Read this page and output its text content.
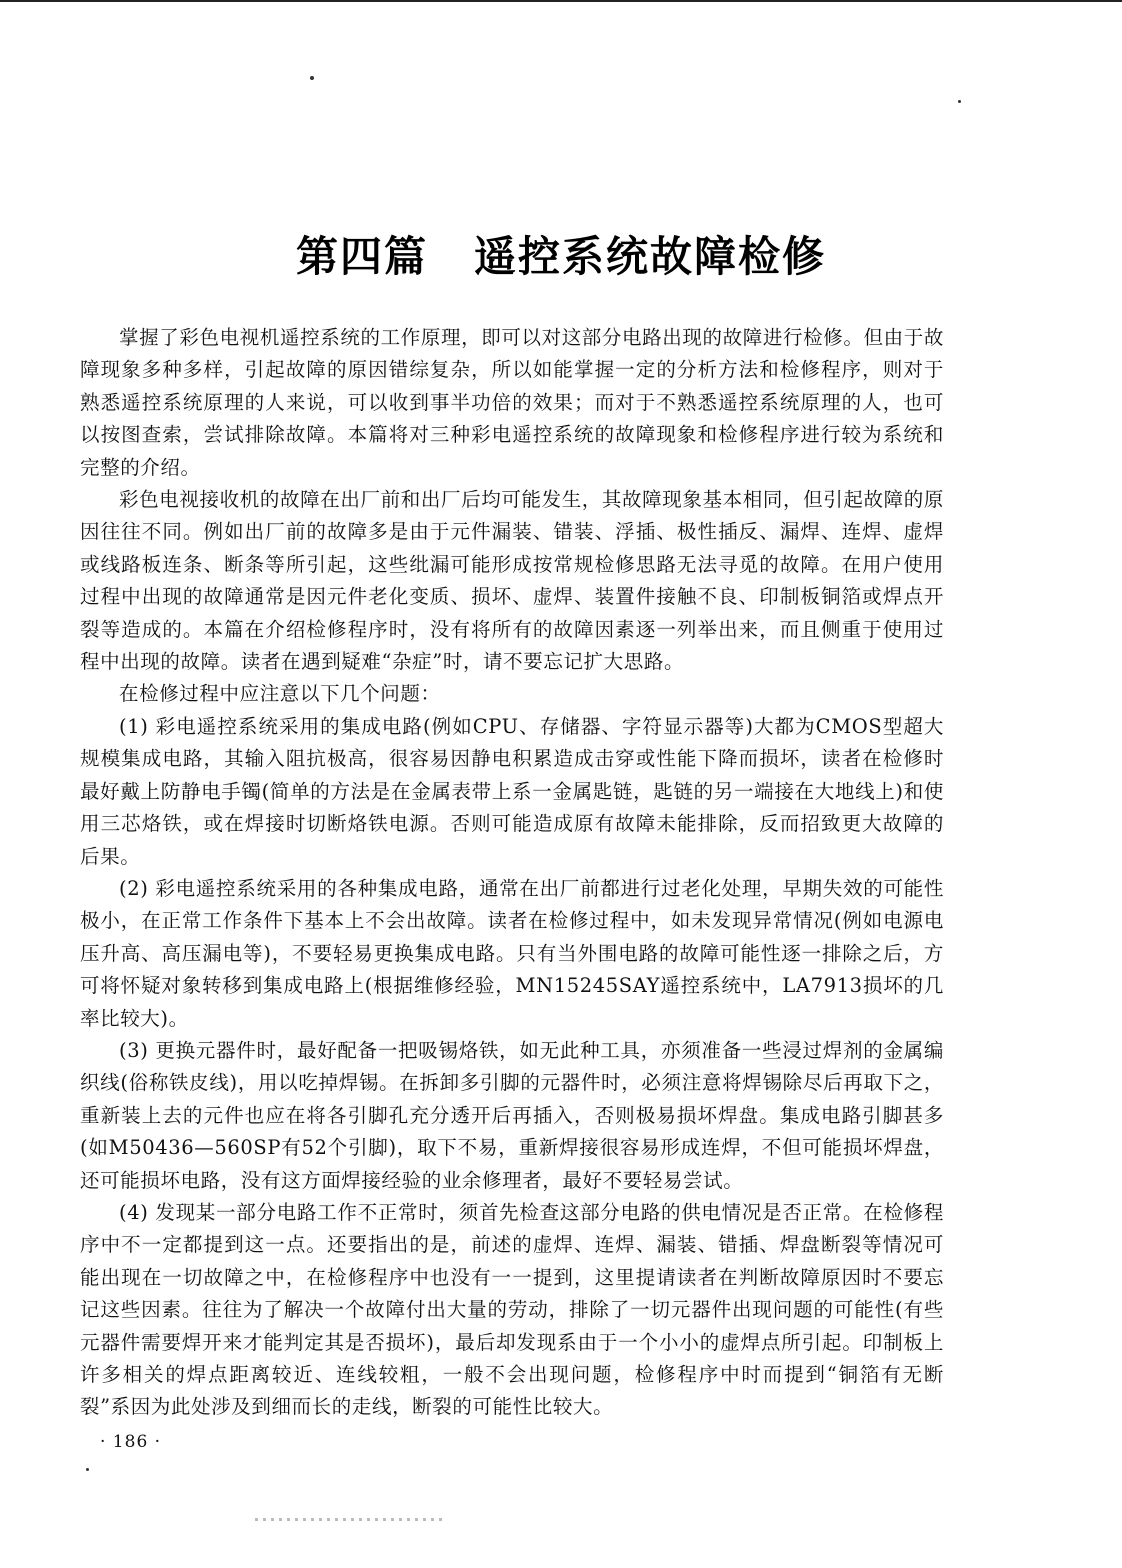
第四篇 遥控系统故障检修

掌握了彩色电视机遥控系统的工作原理，即可以对这部分电路出现的故障进行检修。但由于故障现象多种多样，引起故障的原因错综复杂，所以如能掌握一定的分析方法和检修程序，则对于熟悉遥控系统原理的人来说，可以收到事半功倍的效果；而对于不熟悉遥控系统原理的人，也可以按图查索，尝试排除故障。本篇将对三种彩电遥控系统的故障现象和检修程序进行较为系统和完整的介绍。

彩色电视接收机的故障在出厂前和出厂后均可能发生，其故障现象基本相同，但引起故障的原因往往不同。例如出厂前的故障多是由于元件漏装、错装、浮插、极性插反、漏焊、连焊、虚焊或线路板连条、断条等所引起，这些纰漏可能形成按常规检修思路无法寻觅的故障。在用户使用过程中出现的故障通常是因元件老化变质、损坏、虚焊、装置件接触不良、印制板铜箔或焊点开裂等造成的。本篇在介绍检修程序时，没有将所有的故障因素逐一列举出来，而且侧重于使用过程中出现的故障。读者在遇到疑难“杂症”时，请不要忘记扩大思路。

在检修过程中应注意以下几个问题：

(1) 彩电遥控系统采用的集成电路(例如CPU、存储器、字符显示器等)大都为CMOS型超大规模集成电路，其输入阻抗极高，很容易因静电积累造成击穿或性能下降而损坏，读者在检修时最好戴上防静电手镯(简单的方法是在金属表带上系一金属匙链，匙链的另一端接在大地线上)和使用三芯烙铁，或在焊接时切断烙铁电源。否则可能造成原有故障未能排除，反而招致更大故障的后果。

(2) 彩电遥控系统采用的各种集成电路，通常在出厂前都进行过老化处理，早期失效的可能性极小，在正常工作条件下基本上不会出故障。读者在检修过程中，如未发现异常情况(例如电源电压升高、高压漏电等)，不要轻易更换集成电路。只有当外围电路的故障可能性逐一排除之后，方可将怀疑对象转移到集成电路上(根据维修经验，MN15245SAY遥控系统中，LA7913损坏的几率比较大)。

(3) 更换元器件时，最好配备一把吸锡烙铁，如无此种工具，亦须准备一些浸过焊剂的金属编织线(俗称铁皮线)，用以吃掉焊锡。在拆卸多引脚的元器件时，必须注意将焊锡除尽后再取下之，重新装上去的元件也应在将各引脚孔充分透开后再插入，否则极易损坏焊盘。集成电路引脚甚多(如M50436—560SP有52个引脚)，取下不易，重新焊接很容易形成连焊，不但可能损坏焊盘，还可能损坏电路，没有这方面焊接经验的业余修理者，最好不要轻易尝试。

(4) 发现某一部分电路工作不正常时，须首先检查这部分电路的供电情况是否正常。在检修程序中不一定都提到这一点。还要指出的是，前述的虚焊、连焊、漏装、错插、焊盘断裂等情况可能出现在一切故障之中，在检修程序中也没有一一提到，这里提请读者在判断故障原因时不要忘记这些因素。往往为了解决一个故障付出大量的劳动，排除了一切元器件出现问题的可能性(有些元器件需要焊开来才能判定其是否损坏)，最后却发现系由于一个小小的虚焊点所引起。印制板上许多相关的焊点距离较近、连线较粗，一般不会出现问题，检修程序中时而提到“铜箔有无断裂”系因为此处涉及到细而长的走线，断裂的可能性比较大。

· 186 ·
